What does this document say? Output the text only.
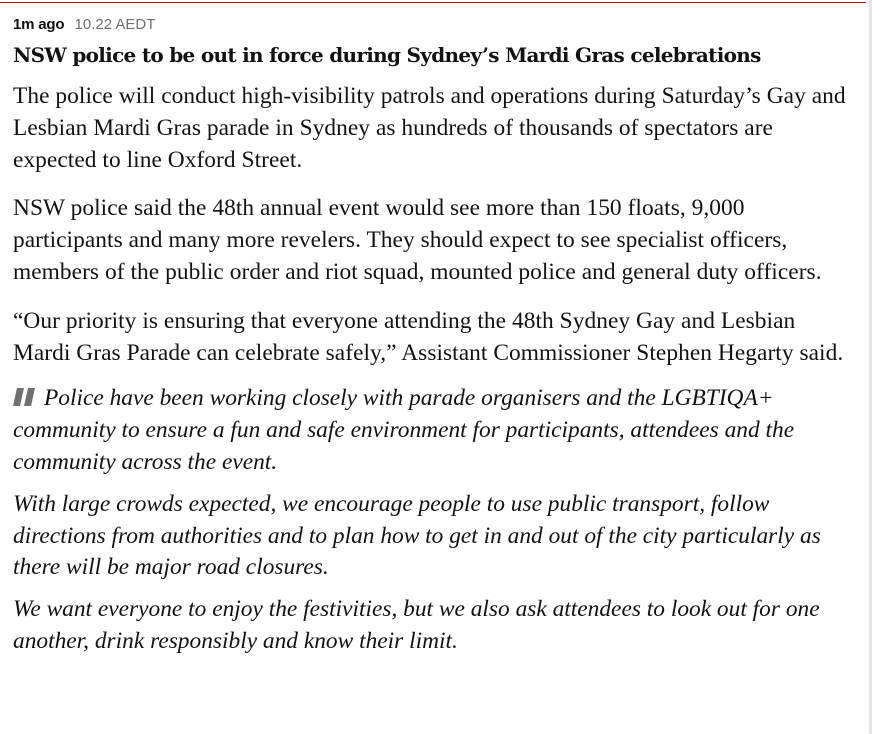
1m ago 10.22 AEDT
NSW police to be out in force during Sydney’s Mardi Gras celebrations

The police will conduct high-visibility patrols and operations during Saturday’s Gay and Lesbian Mardi Gras parade in Sydney as hundreds of thousands of spectators are expected to line Oxford Street.

NSW police said the 48th annual event would see more than 150 floats, 9,000 participants and many more revelers. They should expect to see specialist officers, members of the public order and riot squad, mounted police and general duty officers.

“Our priority is ensuring that everyone attending the 48th Sydney Gay and Lesbian Mardi Gras Parade can celebrate safely,” Assistant Commissioner Stephen Hegarty said.

Police have been working closely with parade organisers and the LGBTIQA+ community to ensure a fun and safe environment for participants, attendees and the community across the event.

With large crowds expected, we encourage people to use public transport, follow directions from authorities and to plan how to get in and out of the city particularly as there will be major road closures.

We want everyone to enjoy the festivities, but we also ask attendees to look out for one another, drink responsibly and know their limit.
